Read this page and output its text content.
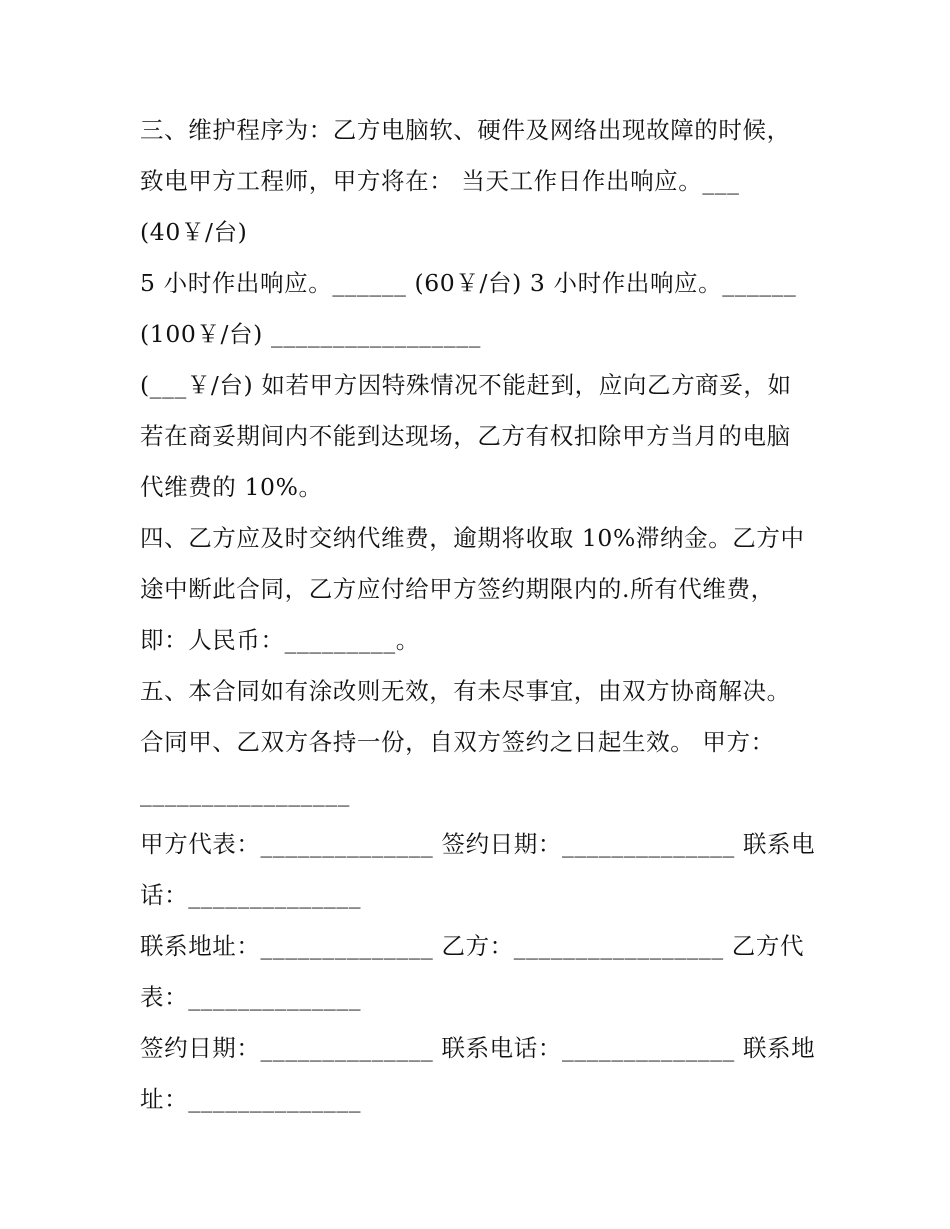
三、维护程序为：乙方电脑软、硬件及网络出现故障的时候，
致电甲方工程师，甲方将在： 当天工作日作出响应。___
(40￥/台)
5 小时作出响应。______ (60￥/台) 3 小时作出响应。______
(100￥/台) _________________
(___￥/台) 如若甲方因特殊情况不能赶到，应向乙方商妥，如
若在商妥期间内不能到达现场，乙方有权扣除甲方当月的电脑
代维费的 10%。
四、乙方应及时交纳代维费，逾期将收取 10%滞纳金。乙方中
途中断此合同，乙方应付给甲方签约期限内的.所有代维费，
即：人民币：_________。
五、本合同如有涂改则无效，有未尽事宜，由双方协商解决。
合同甲、乙双方各持一份，自双方签约之日起生效。 甲方：
_________________
甲方代表：______________ 签约日期：______________ 联系电
话：______________
联系地址：______________ 乙方：_________________ 乙方代
表：______________
签约日期：______________ 联系电话：______________ 联系地
址：______________
